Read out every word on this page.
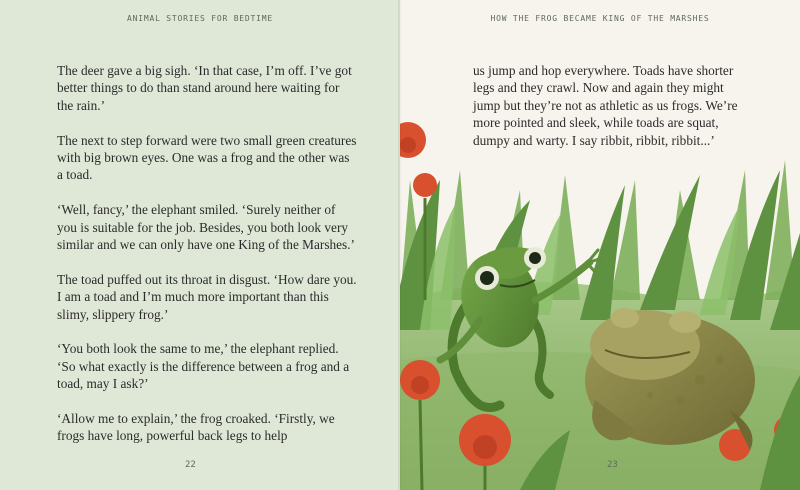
ANIMAL STORIES FOR BEDTIME

The deer gave a big sigh. ‘In that case, I’m off. I’ve got better things to do than stand around here waiting for the rain.’

The next to step forward were two small green creatures with big brown eyes. One was a frog and the other was a toad.

‘Well, fancy,’ the elephant smiled. ‘Surely neither of you is suitable for the job. Besides, you both look very similar and we can only have one King of the Marshes.’

The toad puffed out its throat in disgust. ‘How dare you. I am a toad and I’m much more important than this slimy, slippery frog.’

‘You both look the same to me,’ the elephant replied. ‘So what exactly is the difference between a frog and a toad, may I ask?’

‘Allow me to explain,’ the frog croaked. ‘Firstly, we frogs have long, powerful back legs to help

22

us jump and hop everywhere. Toads have shorter legs and they crawl. Now and again they might jump but they’re not as athletic as us frogs. We’re more pointed and sleek, while toads are squat, dumpy and warty. I say ribbit, ribbit, ribbit...’

HOW THE FROG BECAME KING OF THE MARSHES
23
